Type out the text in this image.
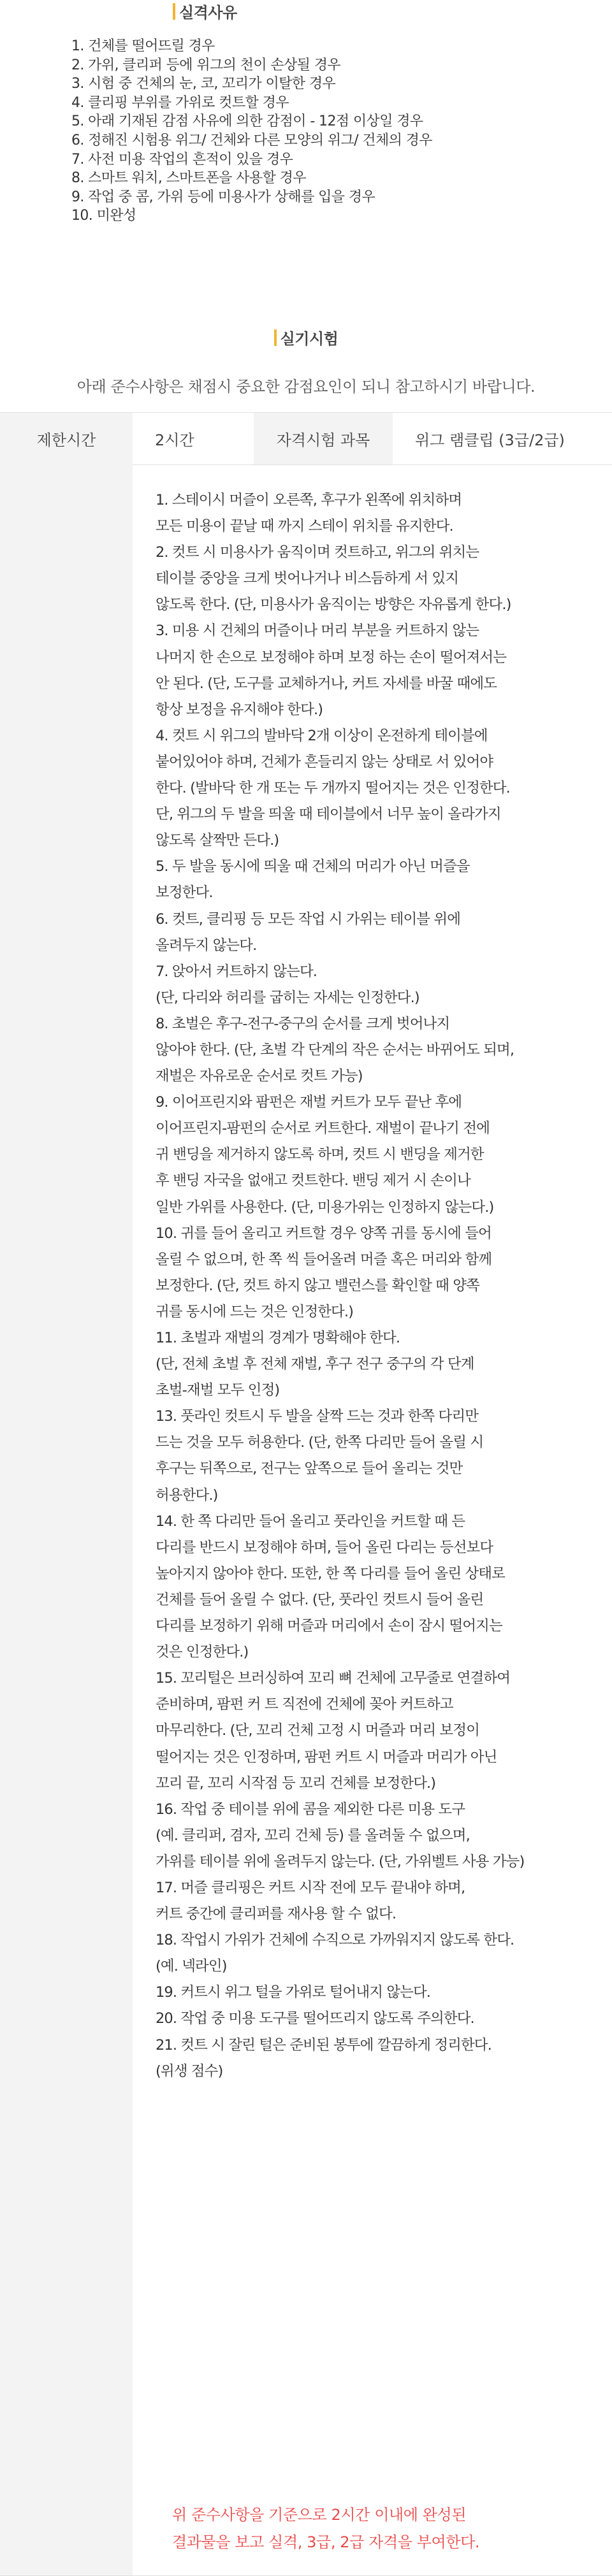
실격사유
1. 건체를 떨어뜨릴 경우
2. 가위, 클리퍼 등에 위그의 천이 손상될 경우
3. 시험 중 건체의 눈, 코, 꼬리가 이탈한 경우
4. 클리핑 부위를 가위로 컷트할 경우
5. 아래 기재된 감점 사유에 의한 감점이 - 12점 이상일 경우
6. 정해진 시험용 위그/ 건체와 다른 모양의 위그/ 건체의 경우
7. 사전 미용 작업의 흔적이 있을 경우
8. 스마트 워치, 스마트폰을 사용할 경우
9. 작업 중 콤, 가위 등에 미용사가 상해를 입을 경우
10. 미완성
실기시험
아래 준수사항은 채점시 중요한 감점요인이 되니 참고하시기 바랍니다.
제한시간	2시간	자격시험 과목	위그 램클립 (3급/2급)
1. 스테이시 머즐이 오른쪽, 후구가 왼쪽에 위치하며
모든 미용이 끝날 때 까지 스테이 위치를 유지한다.
2. 컷트 시 미용사가 움직이며 컷트하고, 위그의 위치는
테이블 중앙을 크게 벗어나거나 비스듬하게 서 있지
않도록 한다. (단, 미용사가 움직이는 방향은 자유롭게 한다.)
3. 미용 시 건체의 머즐이나 머리 부분을 커트하지 않는
나머지 한 손으로 보정해야 하며 보정 하는 손이 떨어져서는
안 된다. (단, 도구를 교체하거나, 커트 자세를 바꿀 때에도
항상 보정을 유지해야 한다.)
4. 컷트 시 위그의 발바닥 2개 이상이 온전하게 테이블에
붙어있어야 하며, 건체가 흔들리지 않는 상태로 서 있어야
한다. (발바닥 한 개 또는 두 개까지 떨어지는 것은 인정한다.
단, 위그의 두 발을 띄울 때 테이블에서 너무 높이 올라가지
않도록 살짝만 든다.)
5. 두 발을 동시에 띄울 때 건체의 머리가 아닌 머즐을
보정한다.
6. 컷트, 클리핑 등 모든 작업 시 가위는 테이블 위에
올려두지 않는다.
7. 앉아서 커트하지 않는다.
(단, 다리와 허리를 굽히는 자세는 인정한다.)
8. 초벌은 후구-전구-중구의 순서를 크게 벗어나지
않아야 한다. (단, 초벌 각 단계의 작은 순서는 바뀌어도 되며,
재벌은 자유로운 순서로 컷트 가능)
9. 이어프린지와 팜펀은 재벌 커트가 모두 끝난 후에
이어프린지-팜펀의 순서로 커트한다. 재벌이 끝나기 전에
귀 밴딩을 제거하지 않도록 하며, 컷트 시 밴딩을 제거한
후 밴딩 자국을 없애고 컷트한다. 밴딩 제거 시 손이나
일반 가위를 사용한다. (단, 미용가위는 인정하지 않는다.)
10. 귀를 들어 올리고 커트할 경우 양쪽 귀를 동시에 들어
올릴 수 없으며, 한 쪽 씩 들어올려 머즐 혹은 머리와 함께
보정한다. (단, 컷트 하지 않고 밸런스를 확인할 때 양쪽
귀를 동시에 드는 것은 인정한다.)
11. 초벌과 재벌의 경계가 명확해야 한다.
(단, 전체 초벌 후 전체 재벌, 후구 전구 중구의 각 단계
초벌-재벌 모두 인정)
13. 풋라인 컷트시 두 발을 살짝 드는 것과 한쪽 다리만
드는 것을 모두 허용한다. (단, 한쪽 다리만 들어 올릴 시
후구는 뒤쪽으로, 전구는 앞쪽으로 들어 올리는 것만
허용한다.)
14. 한 쪽 다리만 들어 올리고 풋라인을 커트할 때 든
다리를 반드시 보정해야 하며, 들어 올린 다리는 등선보다
높아지지 않아야 한다. 또한, 한 쪽 다리를 들어 올린 상태로
건체를 들어 올릴 수 없다. (단, 풋라인 컷트시 들어 올린
다리를 보정하기 위해 머즐과 머리에서 손이 잠시 떨어지는
것은 인정한다.)
15. 꼬리털은 브러싱하여 꼬리 뼈 건체에 고무줄로 연결하여
준비하며, 팜펀 커 트 직전에 건체에 꽂아 커트하고
마무리한다. (단, 꼬리 건체 고정 시 머즐과 머리 보정이
떨어지는 것은 인정하며, 팜펀 커트 시 머즐과 머리가 아닌
꼬리 끝, 꼬리 시작점 등 꼬리 건체를 보정한다.)
16. 작업 중 테이블 위에 콤을 제외한 다른 미용 도구
(예. 클리퍼, 겸자, 꼬리 건체 등) 를 올려둘 수 없으며,
가위를 테이블 위에 올려두지 않는다. (단, 가위벨트 사용 가능)
17. 머즐 클리핑은 커트 시작 전에 모두 끝내야 하며,
커트 중간에 클리퍼를 재사용 할 수 없다.
18. 작업시 가위가 건체에 수직으로 가까워지지 않도록 한다.
(예. 넥라인)
19. 커트시 위그 털을 가위로 털어내지 않는다.
20. 작업 중 미용 도구를 떨어뜨리지 않도록 주의한다.
21. 컷트 시 잘린 털은 준비된 봉투에 깔끔하게 정리한다.
(위생 점수)
위 준수사항을 기준으로 2시간 이내에 완성된
결과물을 보고 실격, 3급, 2급 자격을 부여한다.
